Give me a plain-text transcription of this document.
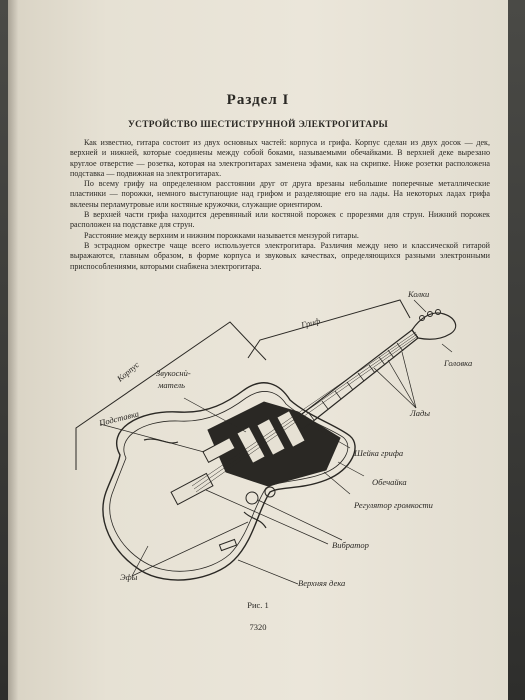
Раздел I
УСТРОЙСТВО ШЕСТИСТРУННОЙ ЭЛЕКТРОГИТАРЫ

Как известно, гитара состоит из двух основных частей: корпуса и грифа. Корпус сделан из двух досок — дек, верхней и нижней, которые соединены между собой боками, называемыми обечайками. В верхней деке вырезано круглое отверстие — розетка, которая на электрогитарах заменена эфами, как на скрипке. Ниже розетки расположена подставка — подвижная на электрогитарах.

По всему грифу на определенном расстоянии друг от друга врезаны небольшие поперечные металлические пластинки — порожки, немного выступающие над грифом и разделяющие его на лады. На некоторых ладах грифа вклеены перламутровые или костяные кружочки, служащие ориентиром.

В верхней части грифа находится деревянный или костяной порожек с прорезями для струн. Нижний порожек расположен на подставке для струн.

Расстояние между верхним и нижним порожками называется мензурой гитары.

В эстрадном оркестре чаще всего используется электрогитара. Различия между нею и классической гитарой выражаются, главным образом, в форме корпуса и звуковых качествах, определяющихся разными электронными приспособлениями, которыми снабжена электрогитара.

Колки
Головка
Гриф
Лады
Корпус Звукоснѝ-
матель
Подставка
Шейка грифа
Обечайка
Регулятор громкости
Вибратор
Эфы
Верхняя дека
Рис. 1
7320
